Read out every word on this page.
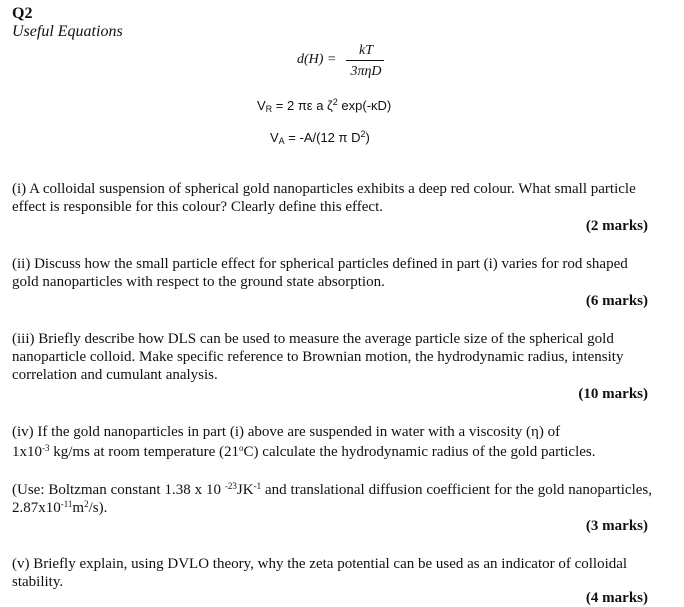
Q2
Useful Equations
d(H) =
kT
3πηD
$V_R = 2$ πε a $\zeta^2$ exp(-κD)
$V_A = -A/(12$ π $D^2$)
(i) A colloidal suspension of spherical gold nanoparticles exhibits a deep red colour. What small particle effect is responsible for this colour? Clearly define this effect.
(2 marks)
(ii) Discuss how the small particle effect for spherical particles defined in part (i) varies for rod shaped gold nanoparticles with respect to the ground state absorption.
(6 marks)
(iii) Briefly describe how DLS can be used to measure the average particle size of the spherical gold nanoparticle colloid. Make specific reference to Brownian motion, the hydrodynamic radius, intensity correlation and cumulant analysis.
(10 marks)
(iv) If the gold nanoparticles in part (i) above are suspended in water with a viscosity (η) of
$1x10^{-3}$ kg/ms at room temperature (21$^o$C) calculate the hydrodynamic radius of the gold particles.
(Use: Boltzman constant 1.38 x 10 $^{-23}JK^{-1}$ and translational diffusion coefficient for the gold nanoparticles, $2.87x10^{-11}m^2/s$).
(3 marks)
(v) Briefly explain, using DVLO theory, why the zeta potential can be used as an indicator of colloidal stability.
(4 marks)
